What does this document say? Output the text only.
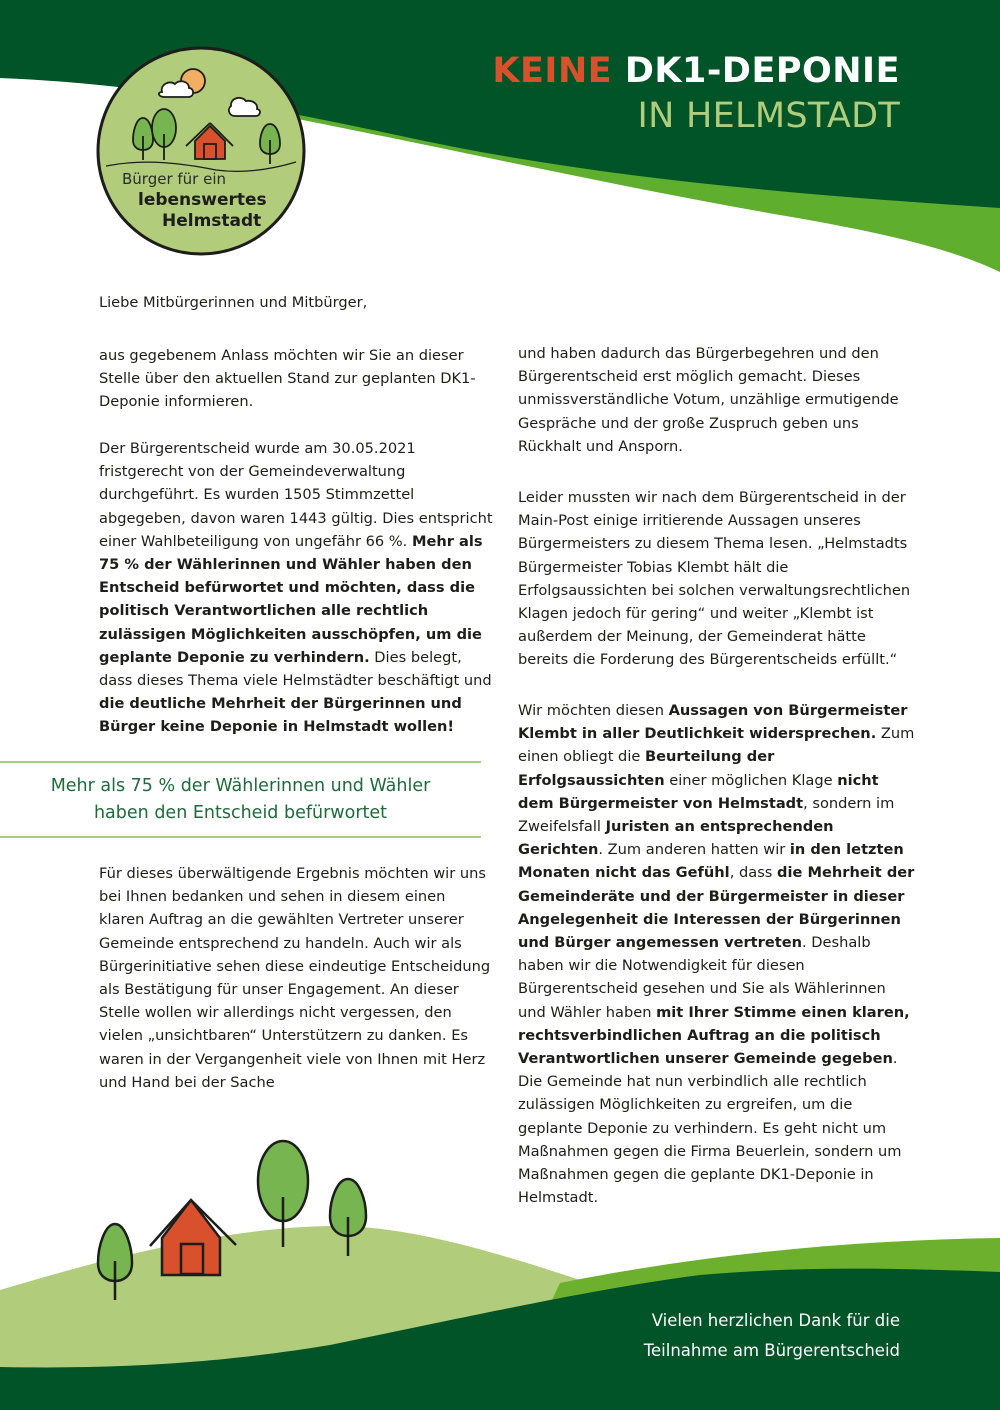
Bürger für ein
lebenswertes
Helmstadt
KEINE DK1-DEPONIE
IN HELMSTADT
Liebe Mitbürgerinnen und Mitbürger,
aus gegebenem Anlass möchten wir Sie an dieser Stelle über den aktuellen Stand zur geplanten DK1- Deponie informieren.
Der Bürgerentscheid wurde am 30.05.2021 fristgerecht von der Gemeindeverwaltung durchgeführt. Es wurden 1505 Stimmzettel abgegeben, davon waren 1443 gültig. Dies entspricht einer Wahlbeteiligung von ungefähr 66 %. Mehr als 75 % der Wählerinnen und Wähler haben den Entscheid befürwortet und möchten, dass die politisch Verantwortlichen alle rechtlich zulässigen Möglichkeiten ausschöpfen, um die geplante Deponie zu verhindern. Dies belegt, dass dieses Thema viele Helmstädter beschäftigt und die deutliche Mehrheit der Bürgerinnen und Bürger keine Deponie in Helmstadt wollen!
Mehr als 75 % der Wählerinnen und Wähler
haben den Entscheid befürwortet
Für dieses überwältigende Ergebnis möchten wir uns bei Ihnen bedanken und sehen in diesem einen klaren Auftrag an die gewählten Vertreter unserer Gemeinde entsprechend zu handeln. Auch wir als Bürgerinitiative sehen diese eindeutige Entscheidung als Bestätigung für unser Engagement. An dieser Stelle wollen wir allerdings nicht vergessen, den vielen „unsichtbaren“ Unterstützern zu danken. Es waren in der Vergangenheit viele von Ihnen mit Herz und Hand bei der Sache
und haben dadurch das Bürgerbegehren und den Bürgerentscheid erst möglich gemacht. Dieses unmissverständliche Votum, unzählige ermutigende Gespräche und der große Zuspruch geben uns Rückhalt und Ansporn.
Leider mussten wir nach dem Bürgerentscheid in der Main-Post einige irritierende Aussagen unseres Bürgermeisters zu diesem Thema lesen. „Helmstadts Bürgermeister Tobias Klembt hält die Erfolgsaussichten bei solchen verwaltungsrechtlichen Klagen jedoch für gering“ und weiter „Klembt ist außerdem der Meinung, der Gemeinderat hätte bereits die Forderung des Bürgerentscheids erfüllt.“
Wir möchten diesen Aussagen von Bürgermeister Klembt in aller Deutlichkeit widersprechen. Zum einen obliegt die Beurteilung der Erfolgsaussichten einer möglichen Klage nicht dem Bürgermeister von Helmstadt, sondern im Zweifelsfall Juristen an entsprechenden Gerichten. Zum anderen hatten wir in den letzten Monaten nicht das Gefühl, dass die Mehrheit der Gemeinderäte und der Bürgermeister in dieser Angelegenheit die Interessen der Bürgerinnen und Bürger angemessen vertreten. Deshalb haben wir die Notwendigkeit für diesen Bürgerentscheid gesehen und Sie als Wählerinnen und Wähler haben mit Ihrer Stimme einen klaren, rechtsverbindlichen Auftrag an die politisch Verantwortlichen unserer Gemeinde gegeben. Die Gemeinde hat nun verbindlich alle rechtlich zulässigen Möglichkeiten zu ergreifen, um die geplante Deponie zu verhindern. Es geht nicht um Maßnahmen gegen die Firma Beuerlein, sondern um Maßnahmen gegen die geplante DK1-Deponie in Helmstadt.
Vielen herzlichen Dank für die
Teilnahme am Bürgerentscheid
